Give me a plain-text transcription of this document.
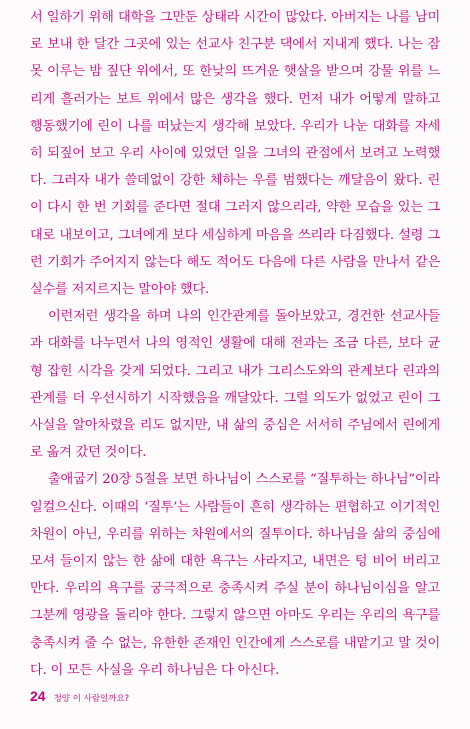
서 일하기 위해 대학을 그만둔 상태라 시간이 많았다. 아버지는 나를 남미로 보내 한 달간 그곳에 있는 선교사 친구분 댁에서 지내게 했다. 나는 잠 못 이루는 밤 짚단 위에서, 또 한낮의 뜨거운 햇살을 받으며 강물 위를 느리게 흘러가는 보트 위에서 많은 생각을 했다. 먼저 내가 어떻게 말하고 행동했기에 린이 나를 떠났는지 생각해 보았다. 우리가 나눈 대화를 자세히 되짚어 보고 우리 사이에 있었던 일을 그녀의 관점에서 보려고 노력했다. 그러자 내가 쓸데없이 강한 체하는 우를 범했다는 깨달음이 왔다. 린이 다시 한 번 기회를 준다면 절대 그러지 않으리라, 약한 모습을 있는 그대로 내보이고, 그녀에게 보다 세심하게 마음을 쓰리라 다짐했다. 설령 그런 기회가 주어지지 않는다 해도 적어도 다음에 다른 사람을 만나서 같은 실수를 저지르지는 말아야 했다.

이런저런 생각을 하며 나의 인간관계를 돌아보았고, 경건한 선교사들과 대화를 나누면서 나의 영적인 생활에 대해 전과는 조금 다른, 보다 균형 잡힌 시각을 갖게 되었다. 그리고 내가 그리스도와의 관계보다 린과의 관계를 더 우선시하기 시작했음을 깨달았다. 그럴 의도가 없었고 린이 그 사실을 알아차렸을 리도 없지만, 내 삶의 중심은 서서히 주님에서 린에게로 옮겨 갔던 것이다.

출애굽기 20장 5절을 보면 하나님이 스스로를 “질투하는 하나님”이라 일컬으신다. 이때의 ‘질투’는 사람들이 흔히 생각하는 편협하고 이기적인 차원이 아닌, 우리를 위하는 차원에서의 질투이다. 하나님을 삶의 중심에 모셔 들이지 않는 한 삶에 대한 욕구는 사라지고, 내면은 텅 비어 버리고 만다. 우리의 욕구를 궁극적으로 충족시켜 주실 분이 하나님이심을 알고 그분께 영광을 돌리야 한다. 그렇지 않으면 아마도 우리는 우리의 욕구를 충족시켜 줄 수 없는, 유한한 존재인 인간에게 스스로를 내맡기고 말 것이다. 이 모든 사실을 우리 하나님은 다 아신다.

24 청양 이 사람일까요?
